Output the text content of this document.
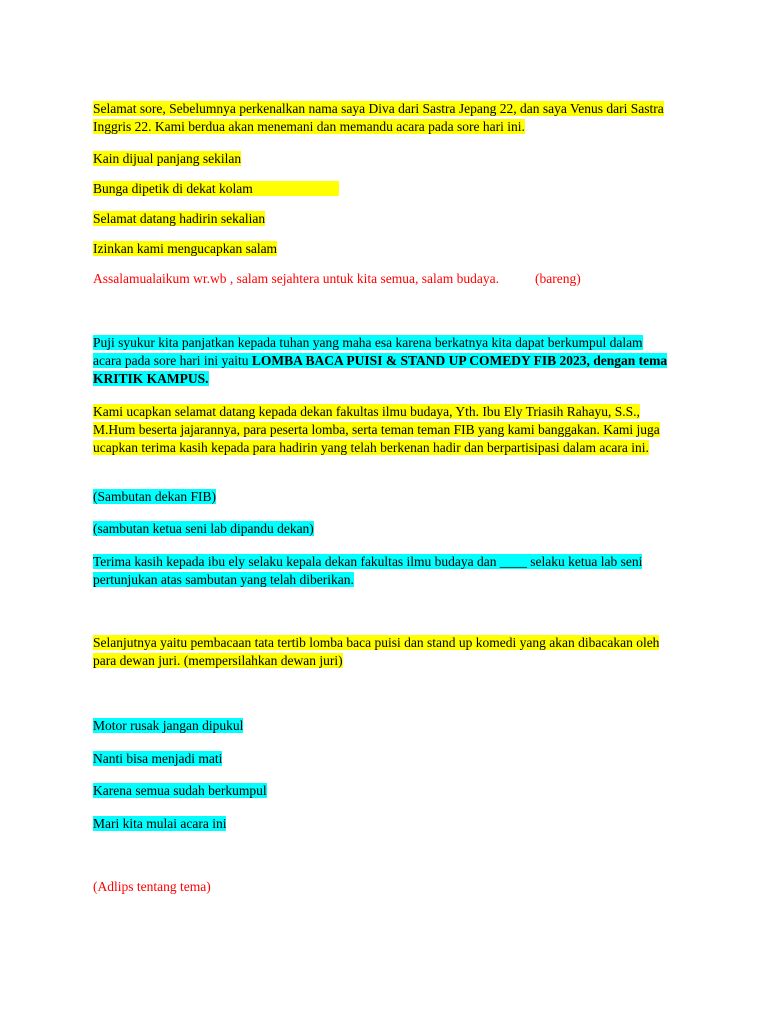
Selamat sore, Sebelumnya perkenalkan nama saya Diva dari Sastra Jepang 22, dan saya Venus dari Sastra Inggris 22. Kami berdua akan menemani dan memandu acara pada sore hari ini.

Kain dijual panjang sekilan

Bunga dipetik di dekat kolam

Selamat datang hadirin sekalian

Izinkan kami mengucapkan salam

Assalamualaikum wr.wb , salam sejahtera untuk kita semua, salam budaya.	(bareng)

Puji syukur kita panjatkan kepada tuhan yang maha esa karena berkatnya kita dapat berkumpul dalam acara pada sore hari ini yaitu LOMBA BACA PUISI & STAND UP COMEDY FIB 2023, dengan tema KRITIK KAMPUS.

Kami ucapkan selamat datang kepada dekan fakultas ilmu budaya, Yth. Ibu Ely Triasih Rahayu, S.S., M.Hum beserta jajarannya, para peserta lomba, serta teman teman FIB yang kami banggakan. Kami juga ucapkan terima kasih kepada para hadirin yang telah berkenan hadir dan berpartisipasi dalam acara ini.

(Sambutan dekan FIB)

(sambutan ketua seni lab dipandu dekan)

Terima kasih kepada ibu ely selaku kepala dekan fakultas ilmu budaya dan ____ selaku ketua lab seni pertunjukan atas sambutan yang telah diberikan.

Selanjutnya yaitu pembacaan tata tertib lomba baca puisi dan stand up komedi yang akan dibacakan oleh para dewan juri. (mempersilahkan dewan juri)

Motor rusak jangan dipukul

Nanti bisa menjadi mati

Karena semua sudah berkumpul

Mari kita mulai acara ini

(Adlips tentang tema)
